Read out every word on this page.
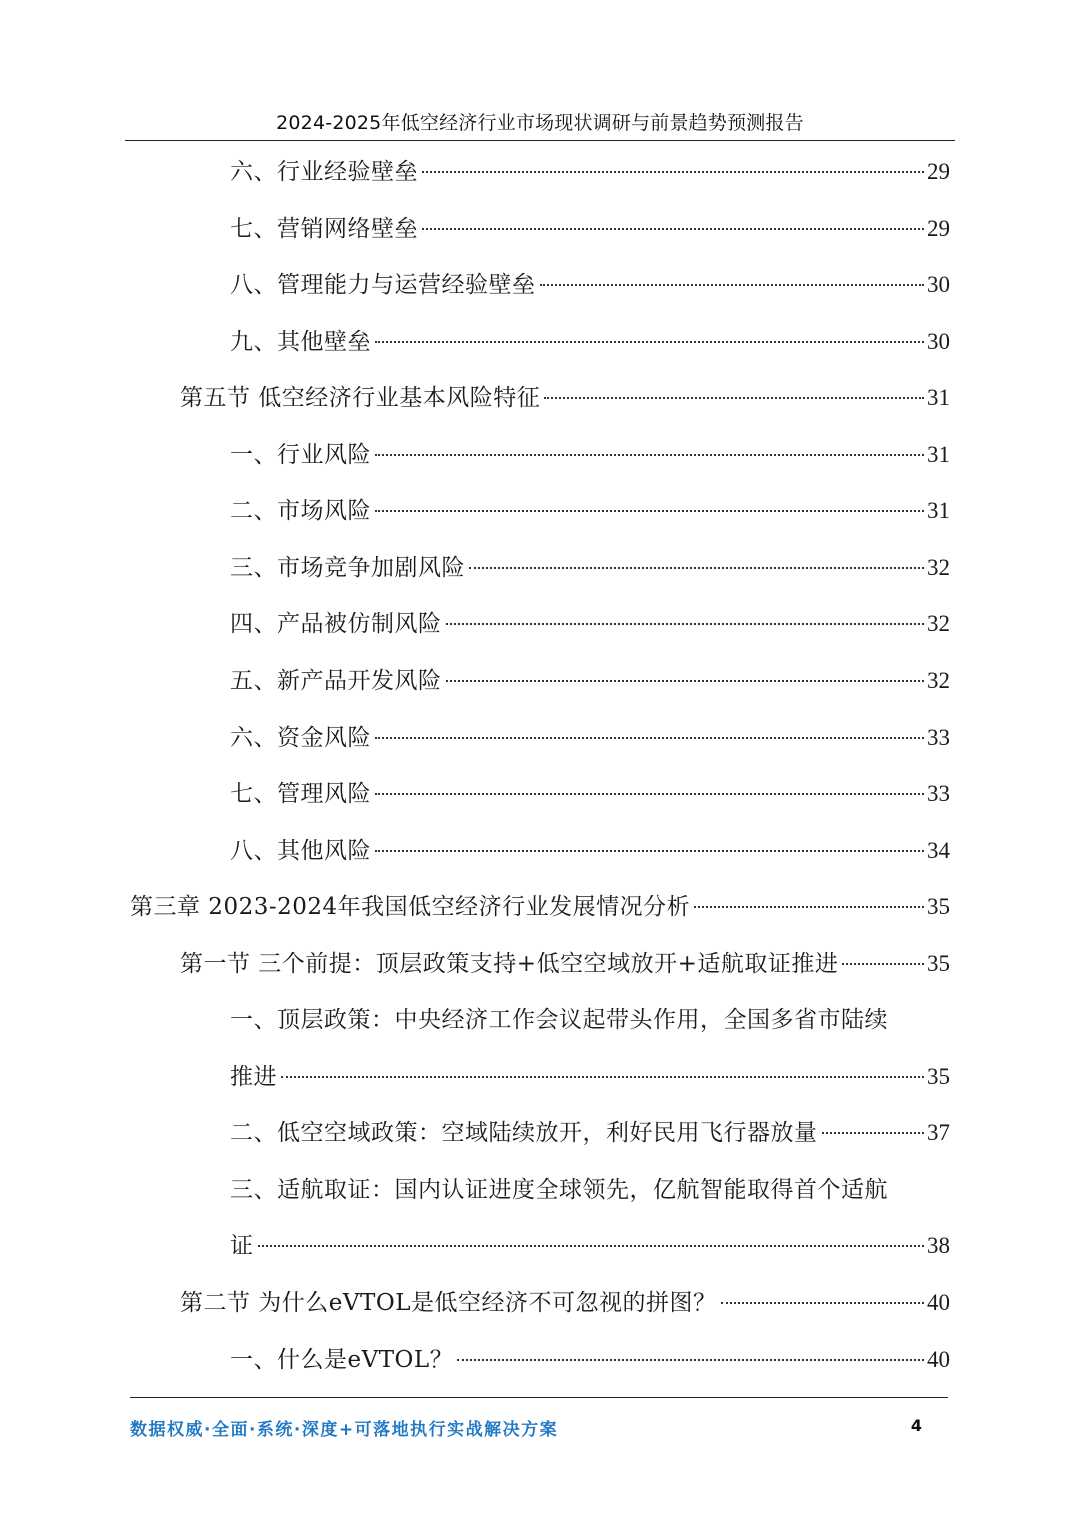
2024-2025年低空经济行业市场现状调研与前景趋势预测报告
六、行业经验壁垒	29
七、营销网络壁垒	29
八、管理能力与运营经验壁垒	30
九、其他壁垒	30
第五节 低空经济行业基本风险特征	31
一、行业风险	31
二、市场风险	31
三、市场竞争加剧风险	32
四、产品被仿制风险	32
五、新产品开发风险	32
六、资金风险	33
七、管理风险	33
八、其他风险	34
第三章 2023-2024年我国低空经济行业发展情况分析	35
第一节 三个前提：顶层政策支持+低空空域放开+适航取证推进	35
一、顶层政策：中央经济工作会议起带头作用，全国多省市陆续
推进	35
二、低空空域政策：空域陆续放开，利好民用飞行器放量	37
三、适航取证：国内认证进度全球领先，亿航智能取得首个适航
证	38
第二节 为什么eVTOL是低空经济不可忽视的拼图？	40
一、什么是eVTOL？	40
数据权威·全面·系统·深度+可落地执行实战解决方案	4
